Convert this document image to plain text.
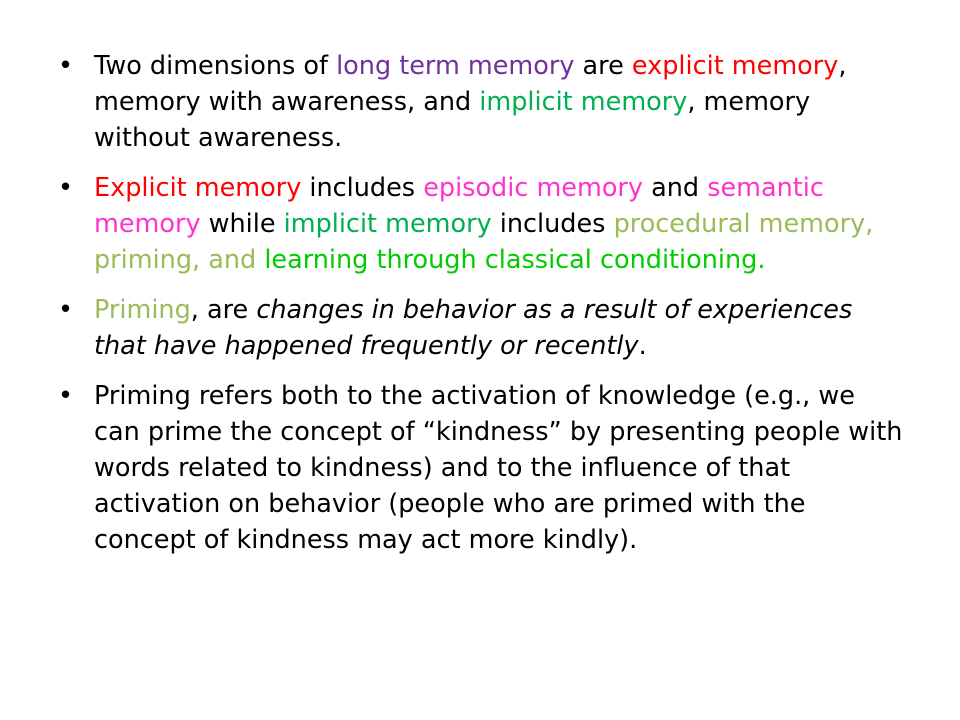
• Two dimensions of long term memory are explicit memory, memory with awareness, and implicit memory, memory without awareness.
• Explicit memory includes episodic memory and semantic memory while implicit memory includes procedural memory, priming, and learning through classical conditioning.
• Priming, are changes in behavior as a result of experiences that have happened frequently or recently.
• Priming refers both to the activation of knowledge (e.g., we can prime the concept of “kindness” by presenting people with words related to kindness) and to the influence of that activation on behavior (people who are primed with the concept of kindness may act more kindly).
